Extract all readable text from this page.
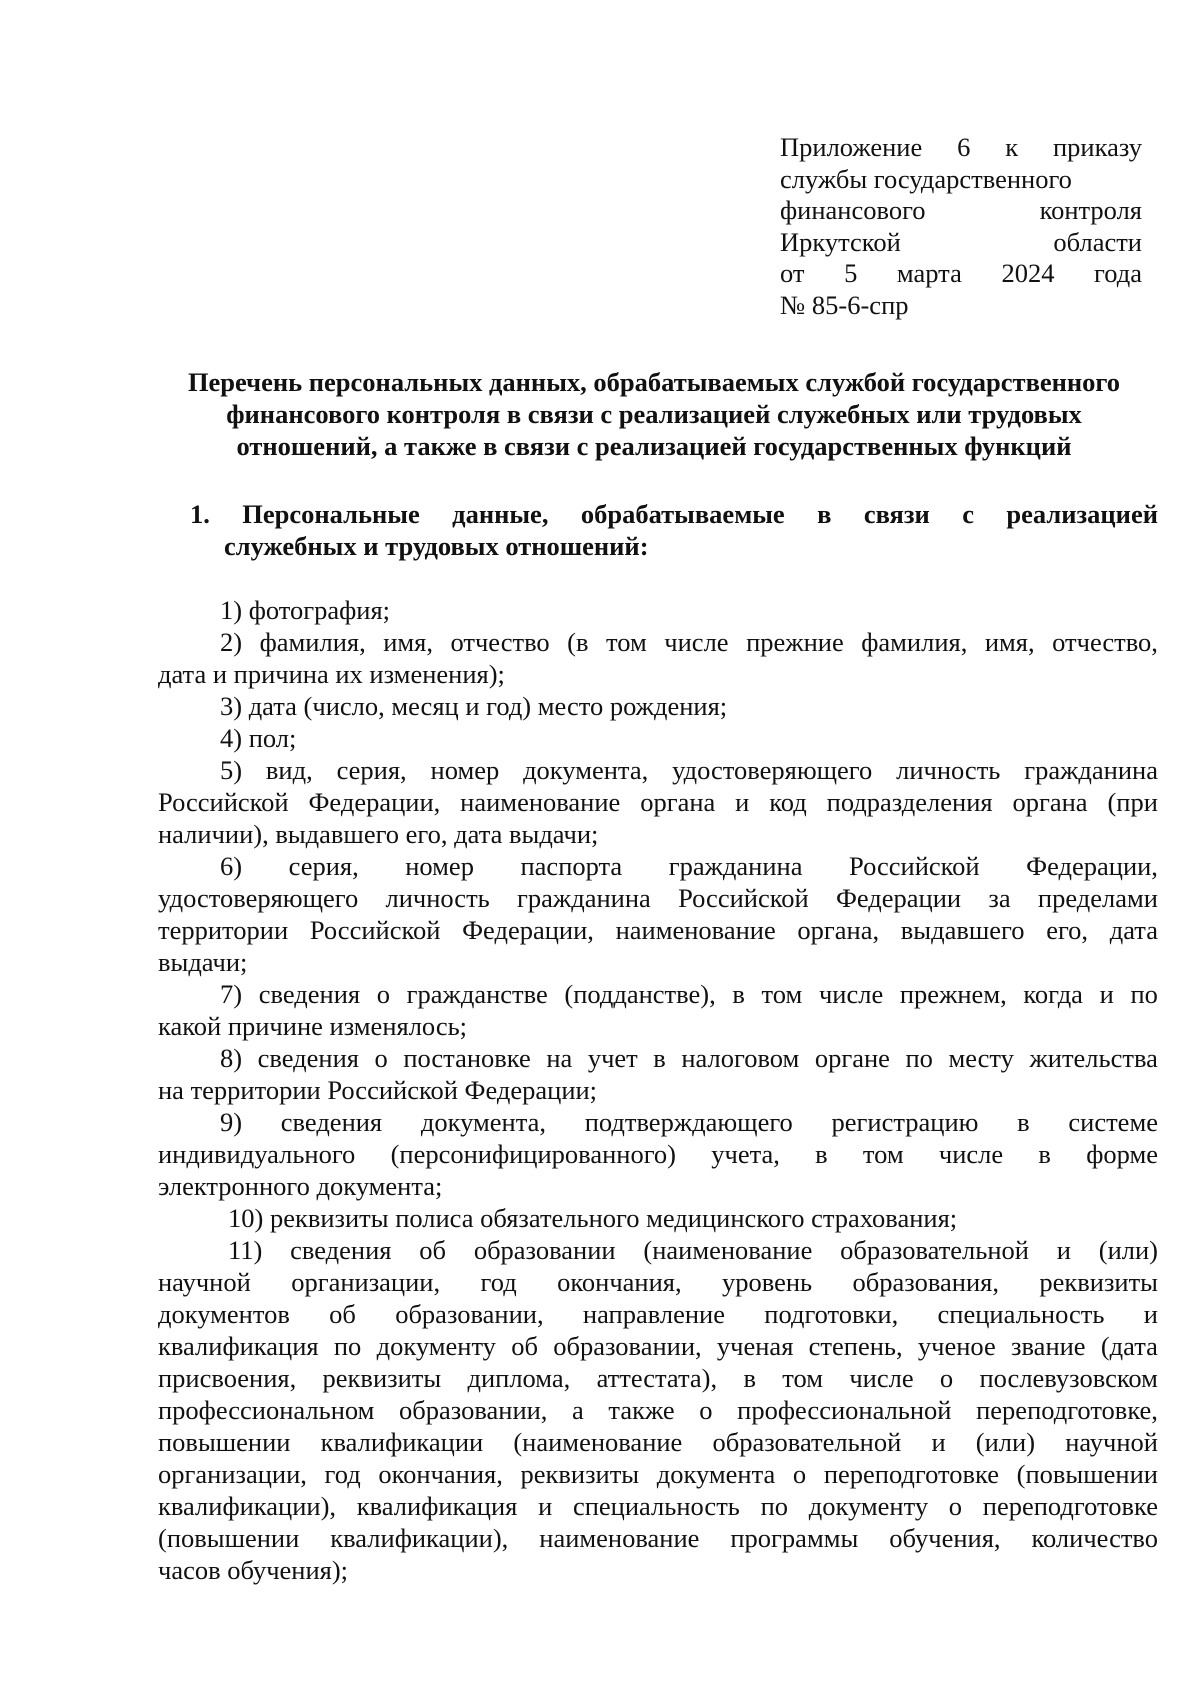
Приложение 6 к приказу
службы государственного
финансового	контроля
Иркутской	области
от 5 марта 2024 года
№ 85-6-спр
Перечень персональных данных, обрабатываемых службой государственного
финансового контроля в связи с реализацией служебных или трудовых
отношений, а также в связи с реализацией государственных функций
1. Персональные данные, обрабатываемые в связи с реализацией
служебных и трудовых отношений:
1) фотография;
2) фамилия, имя, отчество (в том числе прежние фамилия, имя, отчество,
дата и причина их изменения);
3) дата (число, месяц и год) место рождения;
4) пол;
5) вид, серия, номер документа, удостоверяющего личность гражданина
Российской Федерации, наименование органа и код подразделения органа (при
наличии), выдавшего его, дата выдачи;
6) серия, номер паспорта гражданина Российской Федерации,
удостоверяющего личность гражданина Российской Федерации за пределами
территории Российской Федерации, наименование органа, выдавшего его, дата
выдачи;
7) сведения о гражданстве (подданстве), в том числе прежнем, когда и по
какой причине изменялось;
8) сведения о постановке на учет в налоговом органе по месту жительства
на территории Российской Федерации;
9) сведения документа, подтверждающего регистрацию в системе
индивидуального (персонифицированного) учета, в том числе в форме
электронного документа;
10) реквизиты полиса обязательного медицинского страхования;
11) сведения об образовании (наименование образовательной и (или)
научной организации, год окончания, уровень образования, реквизиты
документов об образовании, направление подготовки, специальность и
квалификация по документу об образовании, ученая степень, ученое звание (дата
присвоения, реквизиты диплома, аттестата), в том числе о послевузовском
профессиональном образовании, а также о профессиональной переподготовке,
повышении квалификации (наименование образовательной и (или) научной
организации, год окончания, реквизиты документа о переподготовке (повышении
квалификации), квалификация и специальность по документу о переподготовке
(повышении квалификации), наименование программы обучения, количество
часов обучения);
